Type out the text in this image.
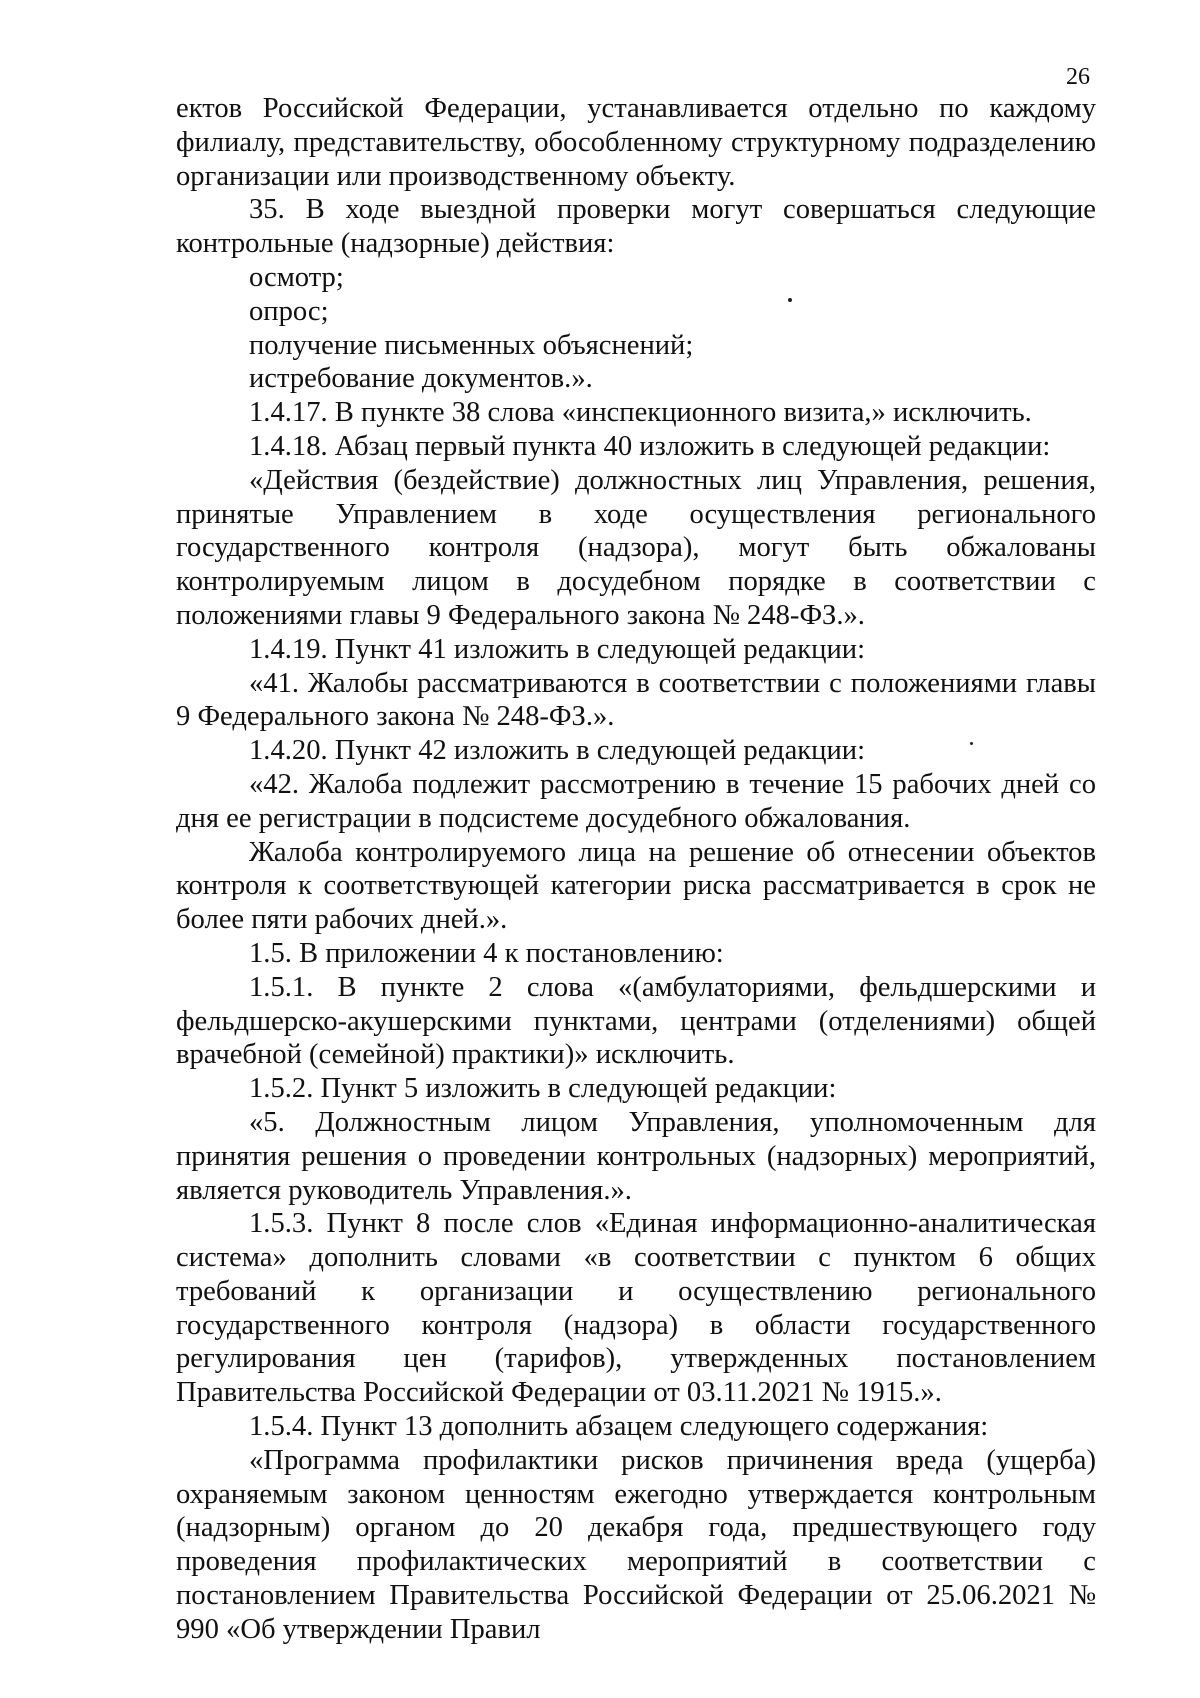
26

ектов Российской Федерации, устанавливается отдельно по каждому филиалу, представительству, обособленному структурному подразделению организации или производственному объекту.

35. В ходе выездной проверки могут совершаться следующие контрольные (надзорные) действия:

осмотр;

опрос;

получение письменных объяснений;

истребование документов.».

1.4.17. В пункте 38 слова «инспекционного визита,» исключить.

1.4.18. Абзац первый пункта 40 изложить в следующей редакции:

«Действия (бездействие) должностных лиц Управления, решения, принятые Управлением в ходе осуществления регионального государственного контроля (надзора), могут быть обжалованы контролируемым лицом в досудебном порядке в соответствии с положениями главы 9 Федерального закона № 248-ФЗ.».

1.4.19. Пункт 41 изложить в следующей редакции:

«41. Жалобы рассматриваются в соответствии с положениями главы 9 Федерального закона № 248-ФЗ.».

1.4.20. Пункт 42 изложить в следующей редакции:

«42. Жалоба подлежит рассмотрению в течение 15 рабочих дней со дня ее регистрации в подсистеме досудебного обжалования.

Жалоба контролируемого лица на решение об отнесении объектов контроля к соответствующей категории риска рассматривается в срок не более пяти рабочих дней.».

1.5. В приложении 4 к постановлению:

1.5.1. В пункте 2 слова «(амбулаториями, фельдшерскими и фельдшерско-акушерскими пунктами, центрами (отделениями) общей врачебной (семейной) практики)» исключить.

1.5.2. Пункт 5 изложить в следующей редакции:

«5. Должностным лицом Управления, уполномоченным для принятия решения о проведении контрольных (надзорных) мероприятий, является руководитель Управления.».

1.5.3. Пункт 8 после слов «Единая информационно-аналитическая система» дополнить словами «в соответствии с пунктом 6 общих требований к организации и осуществлению регионального государственного контроля (надзора) в области государственного регулирования цен (тарифов), утвержденных постановлением Правительства Российской Федерации от 03.11.2021 № 1915.».

1.5.4. Пункт 13 дополнить абзацем следующего содержания:

«Программа профилактики рисков причинения вреда (ущерба) охраняемым законом ценностям ежегодно утверждается контрольным (надзорным) органом до 20 декабря года, предшествующего году проведения профилактических мероприятий в соответствии с постановлением Правительства Российской Федерации от 25.06.2021 № 990 «Об утверждении Правил
